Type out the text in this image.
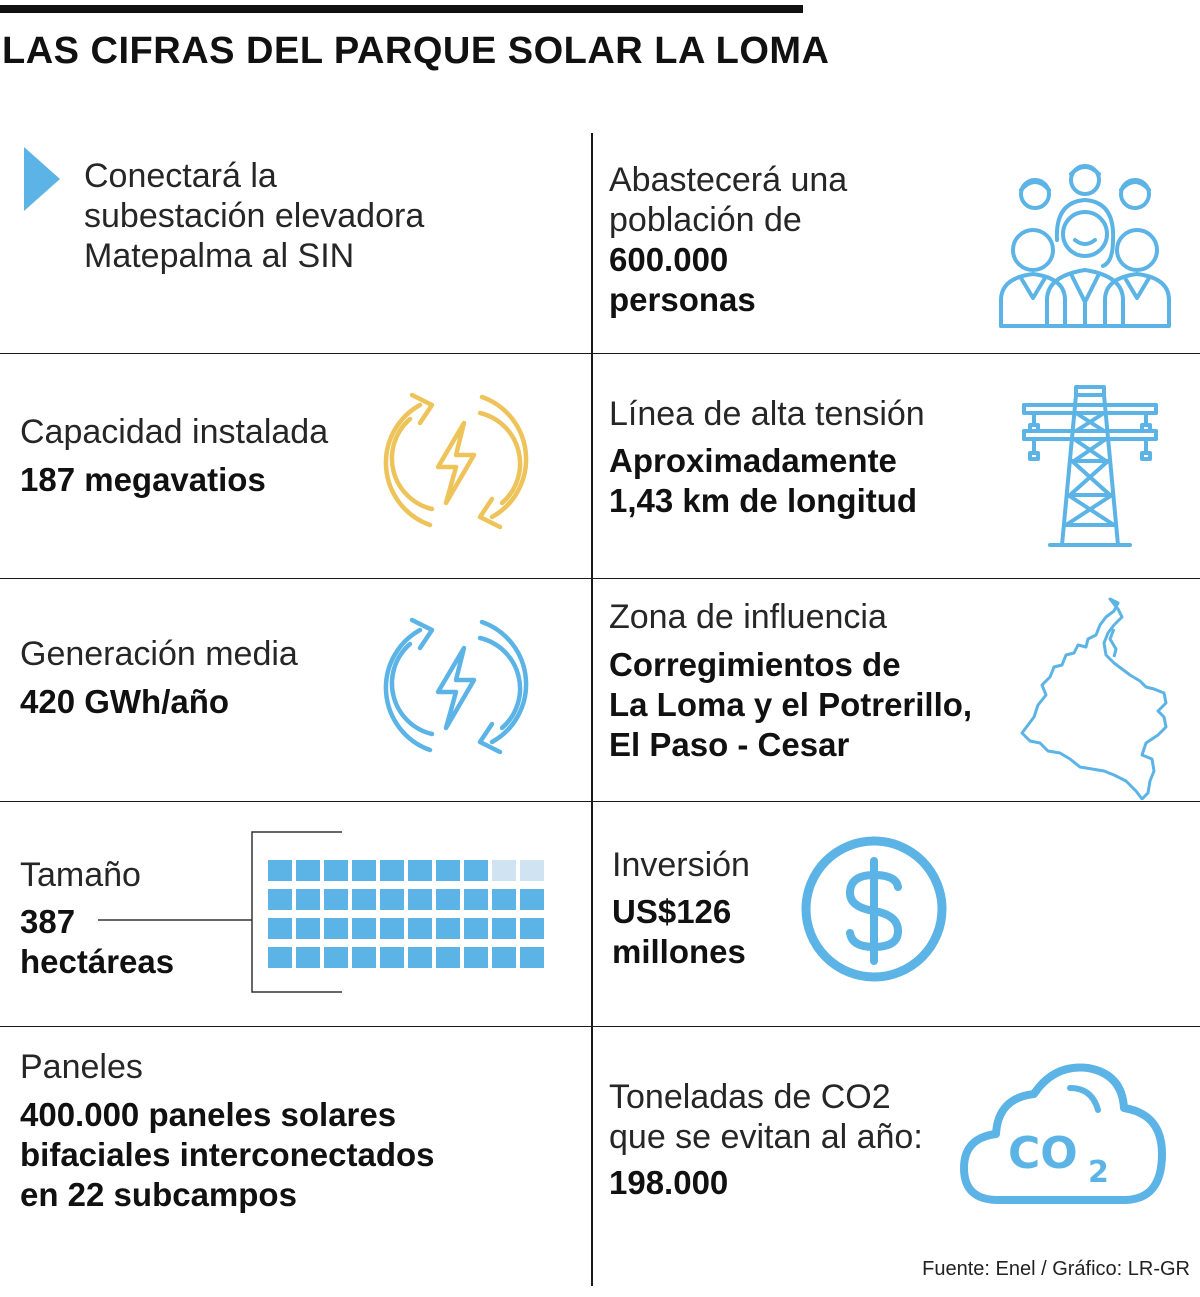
LAS CIFRAS DEL PARQUE SOLAR LA LOMA

Conectará la
subestación elevadora
Matepalma al SIN

Abastecerá una
población de

600.000
personas

Capacidad instalada

187 megavatios

Línea de alta tensión

Aproximadamente
1,43 km de longitud

Generación media

420 GWh/año

Zona de influencia

Corregimientos de
La Loma y el Potrerillo,
El Paso - Cesar

Tamaño

387
hectáreas

Inversión

US$126
millones

Paneles

400.000 paneles solares
bifaciales interconectados
en 22 subcampos

Toneladas de CO2
que se evitan al año:

198.000

CO 2
Fuente: Enel / Gráfico: LR-GR
